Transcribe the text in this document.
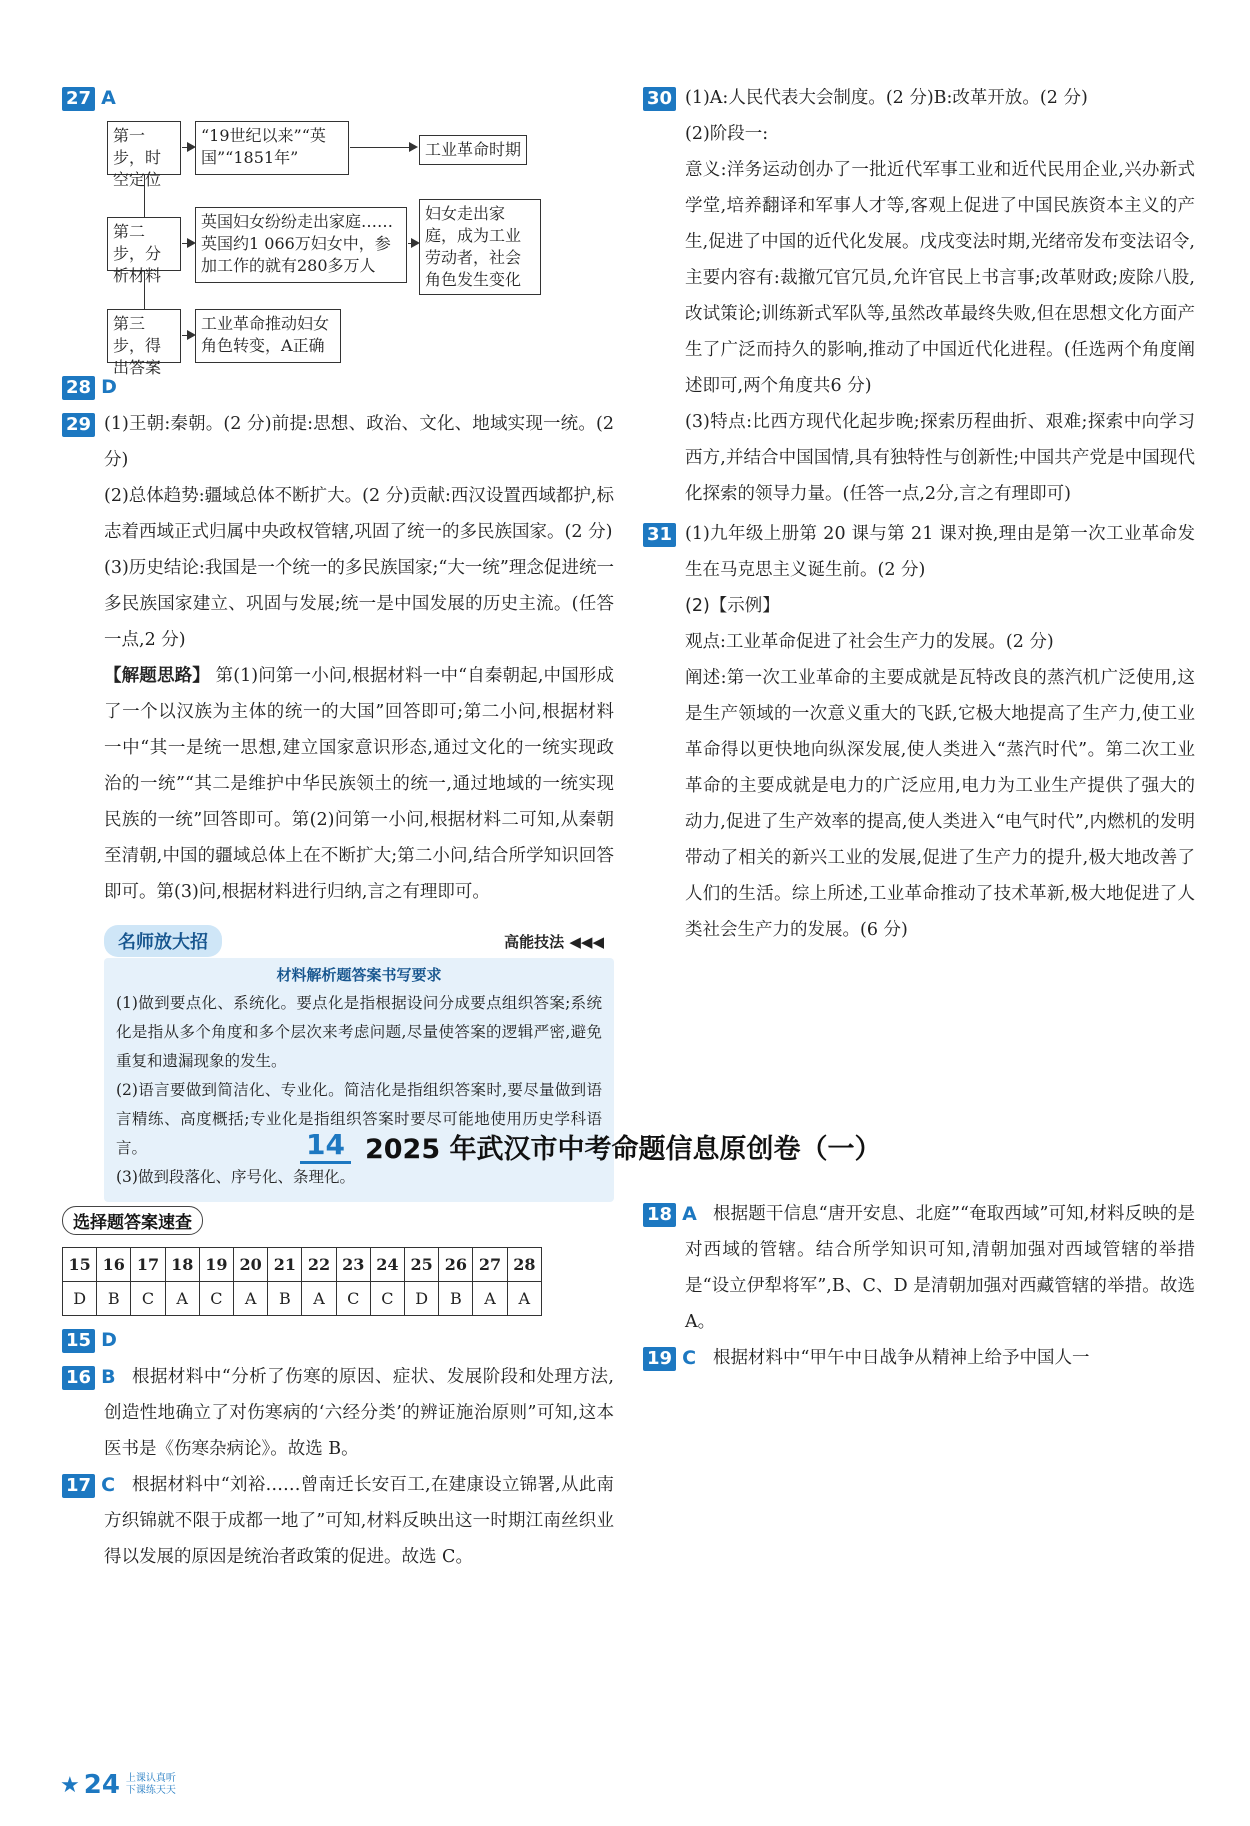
27 A
第一步，时空定位
“19世纪以来”“英国”“1851年”	工业革命时期
第二步，分析材料
英国妇女纷纷走出家庭……英国约1 066万妇女中，参加工作的就有280多万人
妇女走出家庭，成为工业劳动者，社会角色发生变化
第三步，得出答案
工业革命推动妇女角色转变，A正确
28 D
29 (1)王朝:秦朝。(2 分)前提:思想、政治、文化、地域实现一统。(2 分)
(2)总体趋势:疆域总体不断扩大。(2 分)贡献:西汉设置西域都护,标志着西域正式归属中央政权管辖,巩固了统一的多民族国家。(2 分)
(3)历史结论:我国是一个统一的多民族国家;“大一统”理念促进统一多民族国家建立、巩固与发展;统一是中国发展的历史主流。(任答一点,2 分)
【解题思路】 第(1)问第一小问,根据材料一中“自秦朝起,中国形成了一个以汉族为主体的统一的大国”回答即可;第二小问,根据材料一中“其一是统一思想,建立国家意识形态,通过文化的一统实现政治的一统”“其二是维护中华民族领土的统一,通过地域的一统实现民族的一统”回答即可。第(2)问第一小问,根据材料二可知,从秦朝至清朝,中国的疆域总体上在不断扩大;第二小问,结合所学知识回答即可。第(3)问,根据材料进行归纳,言之有理即可。
名师放大招	高能技法 ◀◀◀
材料解析题答案书写要求
(1)做到要点化、系统化。要点化是指根据设问分成要点组织答案;系统化是指从多个角度和多个层次来考虑问题,尽量使答案的逻辑严密,避免重复和遗漏现象的发生。
(2)语言要做到简洁化、专业化。简洁化是指组织答案时,要尽量做到语言精练、高度概括;专业化是指组织答案时要尽可能地使用历史学科语言。
(3)做到段落化、序号化、条理化。
30 (1)A:人民代表大会制度。(2 分)B:改革开放。(2 分)
(2)阶段一:
意义:洋务运动创办了一批近代军事工业和近代民用企业,兴办新式学堂,培养翻译和军事人才等,客观上促进了中国民族资本主义的产生,促进了中国的近代化发展。戊戌变法时期,光绪帝发布变法诏令,主要内容有:裁撤冗官冗员,允许官民上书言事;改革财政;废除八股,改试策论;训练新式军队等,虽然改革最终失败,但在思想文化方面产生了广泛而持久的影响,推动了中国近代化进程。(任选两个角度阐述即可,两个角度共6 分)
(3)特点:比西方现代化起步晚;探索历程曲折、艰难;探索中向学习西方,并结合中国国情,具有独特性与创新性;中国共产党是中国现代化探索的领导力量。(任答一点,2分,言之有理即可)
31 (1)九年级上册第 20 课与第 21 课对换,理由是第一次工业革命发生在马克思主义诞生前。(2 分)
(2)【示例】
观点:工业革命促进了社会生产力的发展。(2 分)
阐述:第一次工业革命的主要成就是瓦特改良的蒸汽机广泛使用,这是生产领域的一次意义重大的飞跃,它极大地提高了生产力,使工业革命得以更快地向纵深发展,使人类进入“蒸汽时代”。第二次工业革命的主要成就是电力的广泛应用,电力为工业生产提供了强大的动力,促进了生产效率的提高,使人类进入“电气时代”,内燃机的发明带动了相关的新兴工业的发展,促进了生产力的提升,极大地改善了人们的生活。综上所述,工业革命推动了技术革新,极大地促进了人类社会生产力的发展。(6 分)
14 2025 年武汉市中考命题信息原创卷（一）
选择题答案速查
15	16	17	18	19	20	21	22	23	24	25	26	27	28
D	B	C	A	C	A	B	A	C	C	D	B	A	A
15 D
16 B 根据材料中“分析了伤寒的原因、症状、发展阶段和处理方法,创造性地确立了对伤寒病的‘六经分类’的辨证施治原则”可知,这本医书是《伤寒杂病论》。故选 B。
17 C 根据材料中“刘裕……曾南迁长安百工,在建康设立锦署,从此南方织锦就不限于成都一地了”可知,材料反映出这一时期江南丝织业得以发展的原因是统治者政策的促进。故选 C。
18 A 根据题干信息“唐开安息、北庭”“奄取西域”可知,材料反映的是对西域的管辖。结合所学知识可知,清朝加强对西域管辖的举措是“设立伊犁将军”,B、C、D 是清朝加强对西藏管辖的举措。故选 A。
19 C 根据材料中“甲午中日战争从精神上给予中国人一
★ 24 上课认真听
下课练天天
